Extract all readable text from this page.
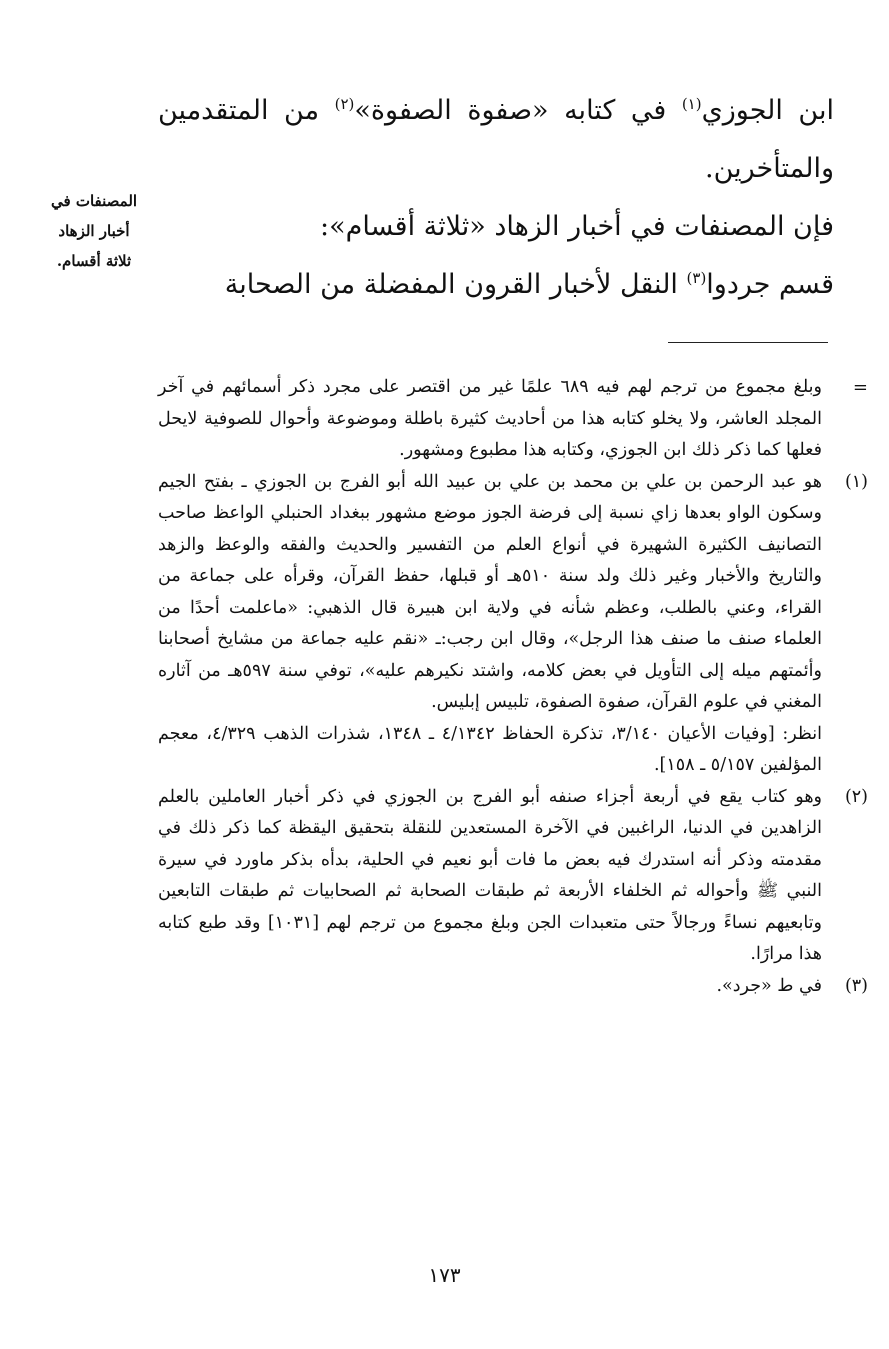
ابن الجوزي$^{(١)}$ في كتابه «صفوة الصفوة»$^{(٢)}$ من المتقدمين والمتأخرين.

فإن المصنفات في أخبار الزهاد «ثلاثة أقسام»:

قسم جردوا$^{(٣)}$ النقل لأخبار القرون المفضلة من الصحابة

المصنفات في
أخبار الزهاد
ثلاثة أقسام.
=

وبلغ مجموع من ترجم لهم فيه ٦٨٩ علمًا غير من اقتصر على مجرد ذكر أسمائهم في آخر المجلد العاشر، ولا يخلو كتابه هذا من أحاديث كثيرة باطلة وموضوعة وأحوال للصوفية لايحل فعلها كما ذكر ذلك ابن الجوزي، وكتابه هذا مطبوع ومشهور.

(١)

هو عبد الرحمن بن علي بن محمد بن علي بن عبيد الله أبو الفرج بن الجوزي ـ بفتح الجيم وسكون الواو بعدها زاي نسبة إلى فرضة الجوز موضع مشهور ببغداد الحنبلي الواعظ صاحب التصانيف الكثيرة الشهيرة في أنواع العلم من التفسير والحديث والفقه والوعظ والزهد والتاريخ والأخبار وغير ذلك ولد سنة ٥١٠هـ أو قبلها، حفظ القرآن، وقرأه على جماعة من القراء، وعني بالطلب، وعظم شأنه في ولاية ابن هبيرة قال الذهبي: «ماعلمت أحدًا من العلماء صنف ما صنف هذا الرجل»، وقال ابن رجب:ـ «نقم عليه جماعة من مشايخ أصحابنا وأئمتهم ميله إلى التأويل في بعض كلامه، واشتد نكيرهم عليه»، توفي سنة ٥٩٧هـ من آثاره المغني في علوم القرآن، صفوة الصفوة، تلبيس إبليس.

انظر: [وفيات الأعيان ٣/١٤٠، تذكرة الحفاظ ٤/١٣٤٢ ـ ١٣٤٨، شذرات الذهب ٤/٣٢٩، معجم المؤلفين ٥/١٥٧ ـ ١٥٨].

(٢)

وهو كتاب يقع في أربعة أجزاء صنفه أبو الفرج بن الجوزي في ذكر أخبار العاملين بالعلم الزاهدين في الدنيا، الراغبين في الآخرة المستعدين للنقلة بتحقيق اليقظة كما ذكر ذلك في مقدمته وذكر أنه استدرك فيه بعض ما فات أبو نعيم في الحلية، بدأه بذكر ماورد في سيرة النبي ﷺ وأحواله ثم الخلفاء الأربعة ثم طبقات الصحابة ثم الصحابيات ثم طبقات التابعين وتابعيهم نساءً ورجالاً حتى متعبدات الجن وبلغ مجموع من ترجم لهم [١٠٣١] وقد طبع كتابه هذا مرارًا.

(٣)

في ط «جرد».

١٧٣
